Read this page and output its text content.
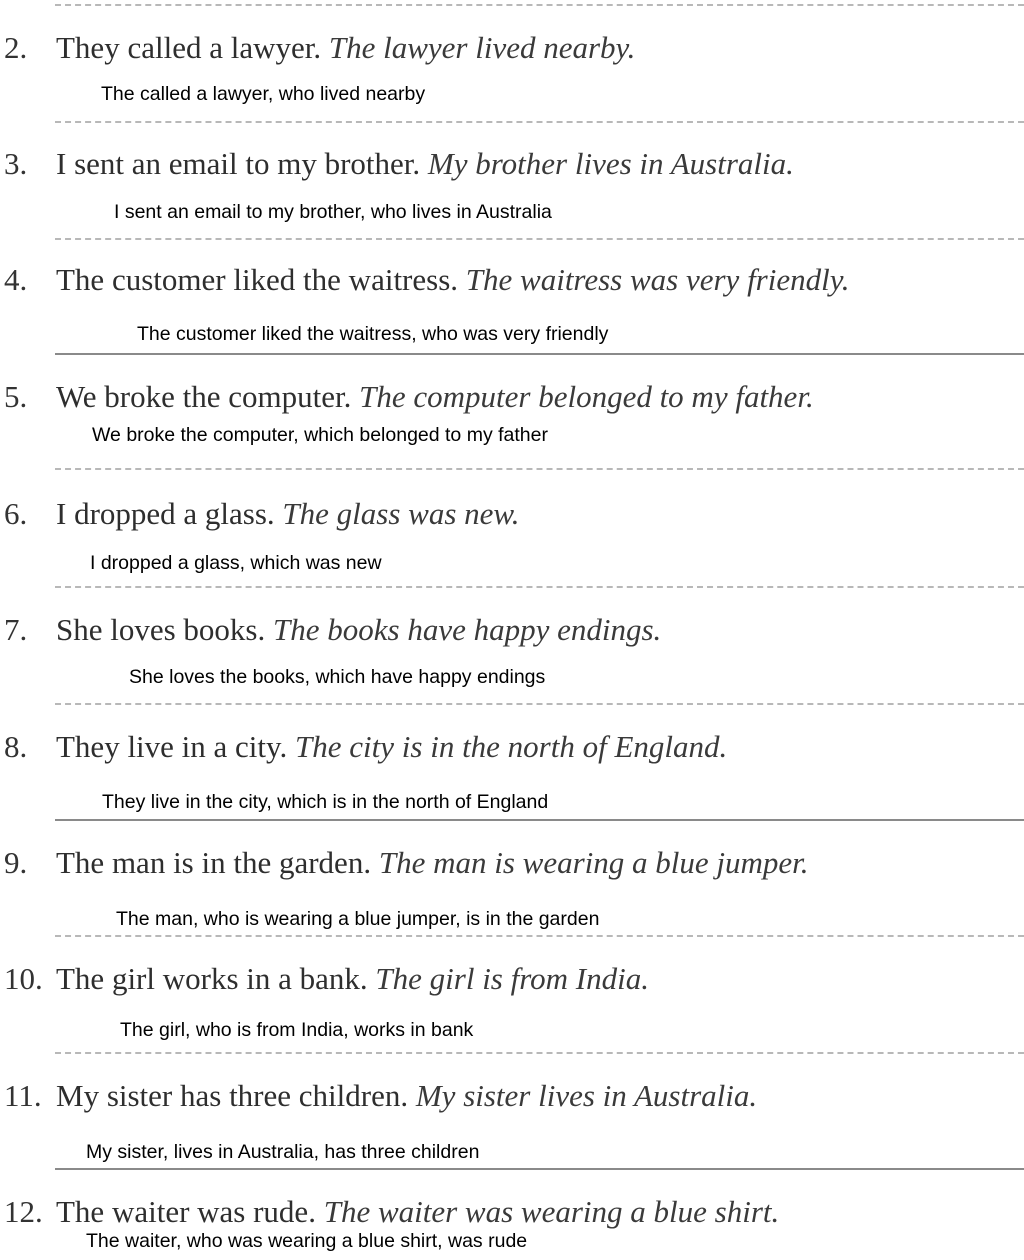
2. They called a lawyer. The lawyer lived nearby.
The called a lawyer, who lived nearby
3. I sent an email to my brother. My brother lives in Australia.
I sent an email to my brother, who lives in Australia
4. The customer liked the waitress. The waitress was very friendly.
The customer liked the waitress, who was very friendly
5. We broke the computer. The computer belonged to my father.
We broke the computer, which belonged to my father
6. I dropped a glass. The glass was new.
I dropped a glass, which was new
7. She loves books. The books have happy endings.
She loves the books, which have happy endings
8. They live in a city. The city is in the north of England.
They live in the city, which is in the north of England
9. The man is in the garden. The man is wearing a blue jumper.
The man, who is wearing a blue jumper, is in the garden
10. The girl works in a bank. The girl is from India.
The girl, who is from India, works in bank
11. My sister has three children. My sister lives in Australia.
My sister, lives in Australia, has three children
12. The waiter was rude. The waiter was wearing a blue shirt.
The waiter, who was wearing a blue shirt, was rude
